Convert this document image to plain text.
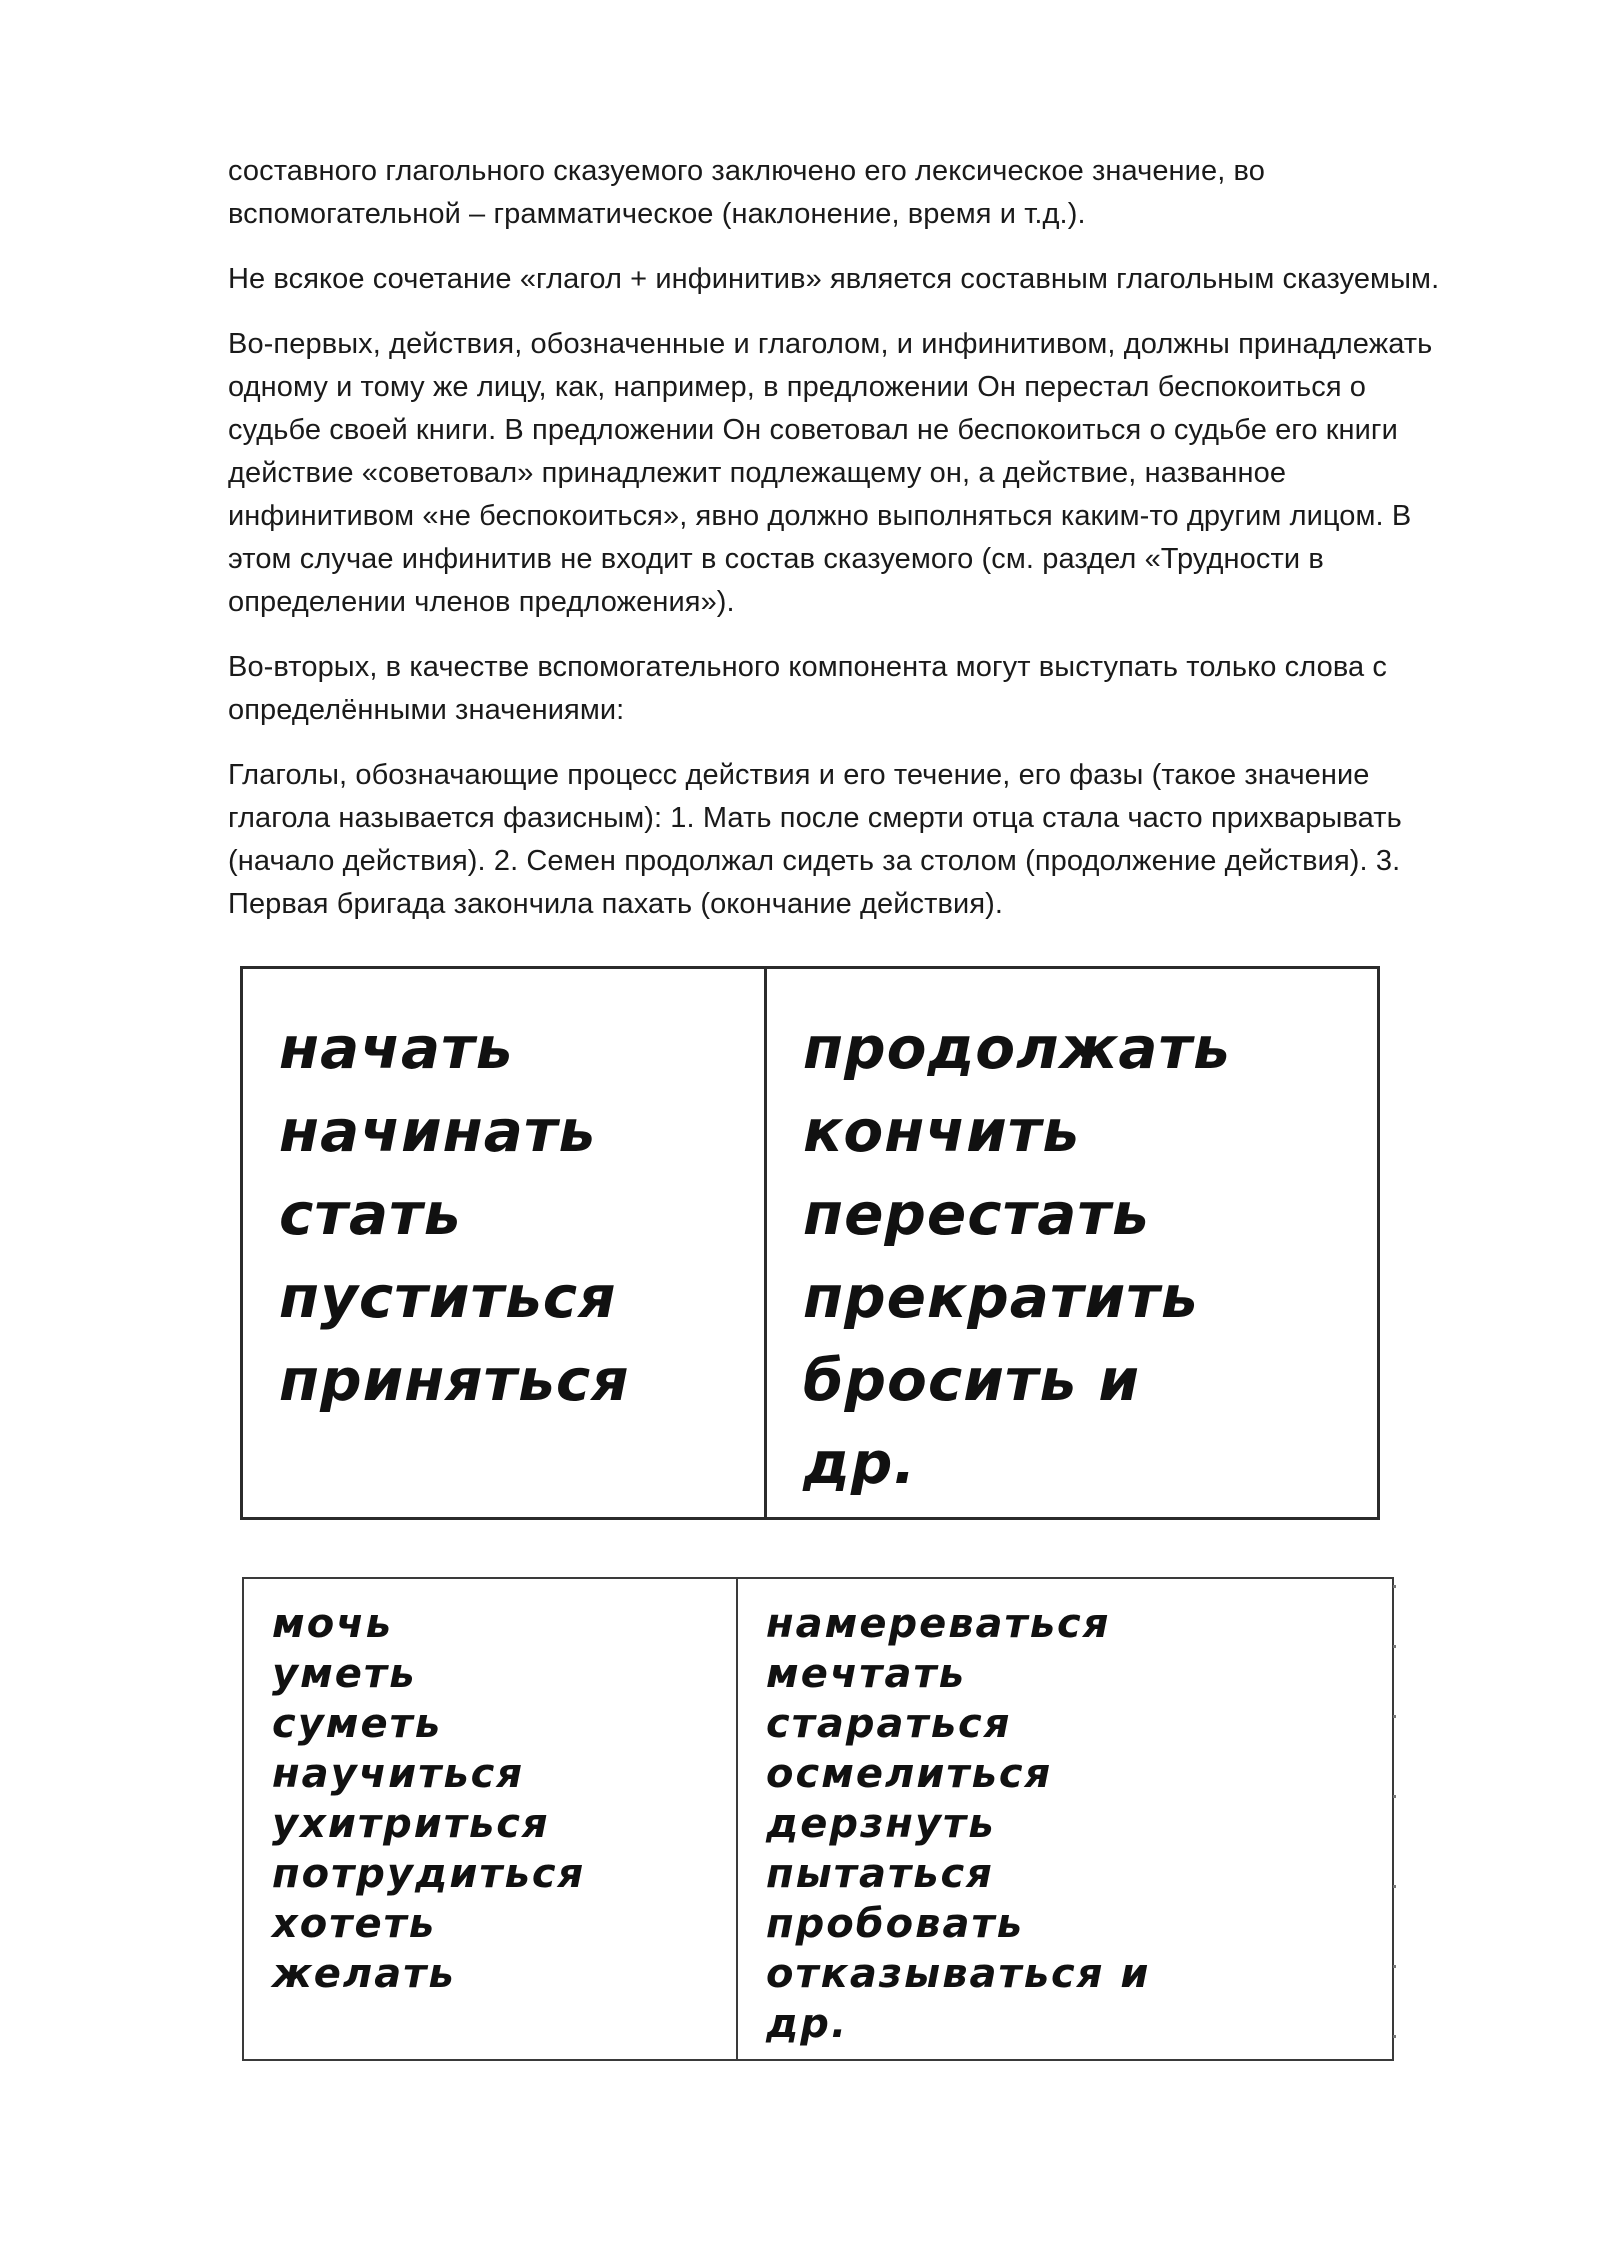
составного глагольного сказуемого заключено его лексическое значение, во
вспомогательной – грамматическое (наклонение, время и т.д.).
Не всякое сочетание «глагол + инфинитив» является составным глагольным сказуемым.
Во-первых, действия, обозначенные и глаголом, и инфинитивом, должны принадлежать
одному и тому же лицу, как, например, в предложении Он перестал беспокоиться о
судьбе своей книги. В предложении Он советовал не беспокоиться о судьбе его книги
действие «советовал» принадлежит подлежащему он, а действие, названное
инфинитивом «не беспокоиться», явно должно выполняться каким-то другим лицом. В
этом случае инфинитив не входит в состав сказуемого (см. раздел «Трудности в
определении членов предложения»).
Во-вторых, в качестве вспомогательного компонента могут выступать только слова с
определёнными значениями:
Глаголы, обозначающие процесс действия и его течение, его фазы (такое значение
глагола называется фазисным): 1. Мать после смерти отца стала часто прихварывать
(начало действия). 2. Семен продолжал сидеть за столом (продолжение действия). 3.
Первая бригада закончила пахать (окончание действия).
начать
начинать
стать
пуститься
приняться
продолжать
кончить
перестать
прекратить
бросить и
др.
мочь
уметь
суметь
научиться
ухитриться
потрудиться
хотеть
желать
намереваться
мечтать
стараться
осмелиться
дерзнуть
пытаться
пробовать
отказываться и
др.
